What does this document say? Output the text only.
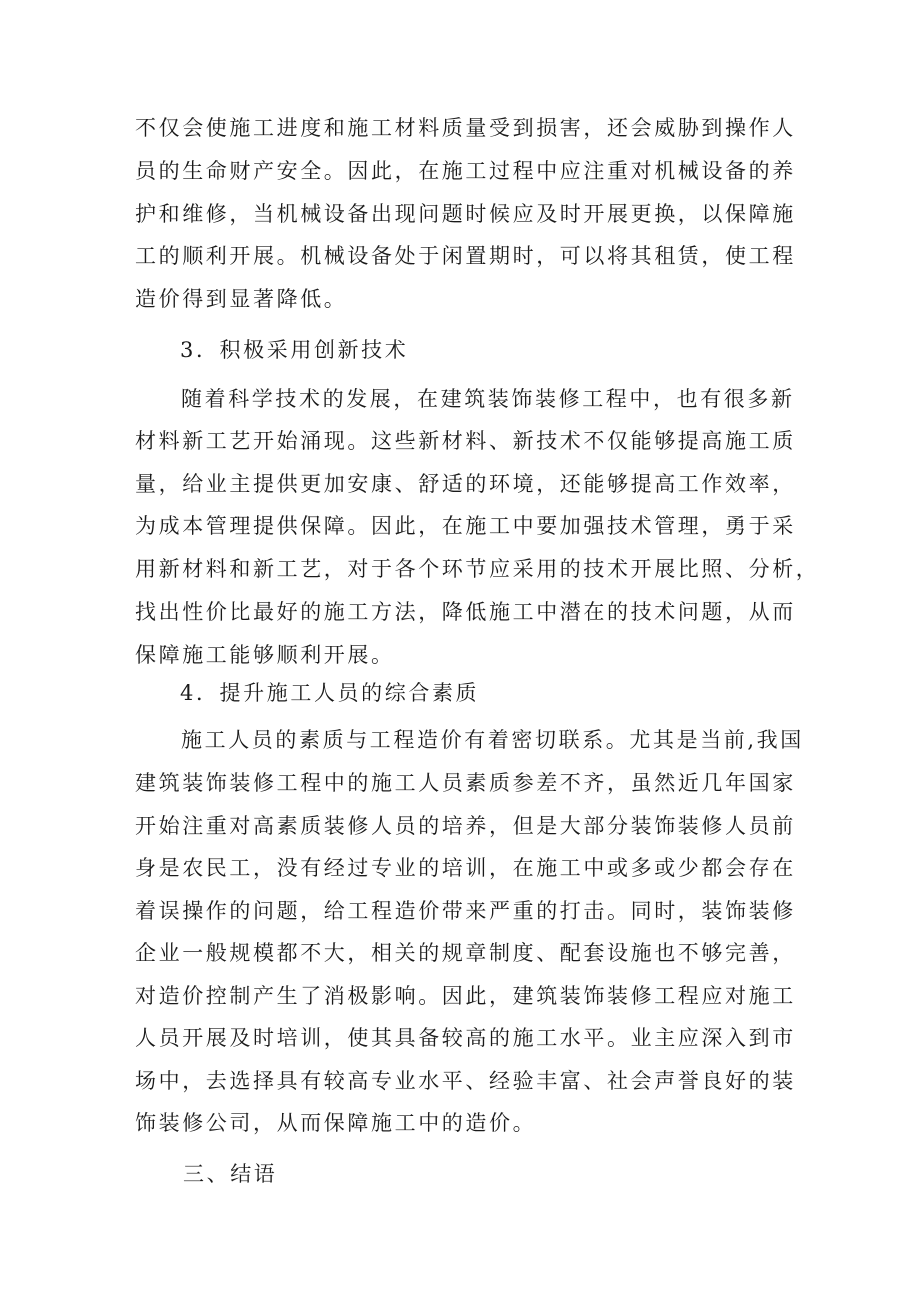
不仅会使施工进度和施工材料质量受到损害，还会威胁到操作人
员的生命财产安全。因此，在施工过程中应注重对机械设备的养
护和维修，当机械设备出现问题时候应及时开展更换，以保障施
工的顺利开展。机械设备处于闲置期时，可以将其租赁，使工程
造价得到显著降低。
3．积极采用创新技术
随着科学技术的发展，在建筑装饰装修工程中，也有很多新
材料新工艺开始涌现。这些新材料、新技术不仅能够提高施工质
量，给业主提供更加安康、舒适的环境，还能够提高工作效率，
为成本管理提供保障。因此，在施工中要加强技术管理，勇于采
用新材料和新工艺，对于各个环节应采用的技术开展比照、分析，
找出性价比最好的施工方法，降低施工中潜在的技术问题，从而
保障施工能够顺利开展。
4．提升施工人员的综合素质
施工人员的素质与工程造价有着密切联系。尤其是当前,我国
建筑装饰装修工程中的施工人员素质参差不齐，虽然近几年国家
开始注重对高素质装修人员的培养，但是大部分装饰装修人员前
身是农民工，没有经过专业的培训，在施工中或多或少都会存在
着误操作的问题，给工程造价带来严重的打击。同时，装饰装修
企业一般规模都不大，相关的规章制度、配套设施也不够完善，
对造价控制产生了消极影响。因此，建筑装饰装修工程应对施工
人员开展及时培训，使其具备较高的施工水平。业主应深入到市
场中，去选择具有较高专业水平、经验丰富、社会声誉良好的装
饰装修公司，从而保障施工中的造价。
三、结语
